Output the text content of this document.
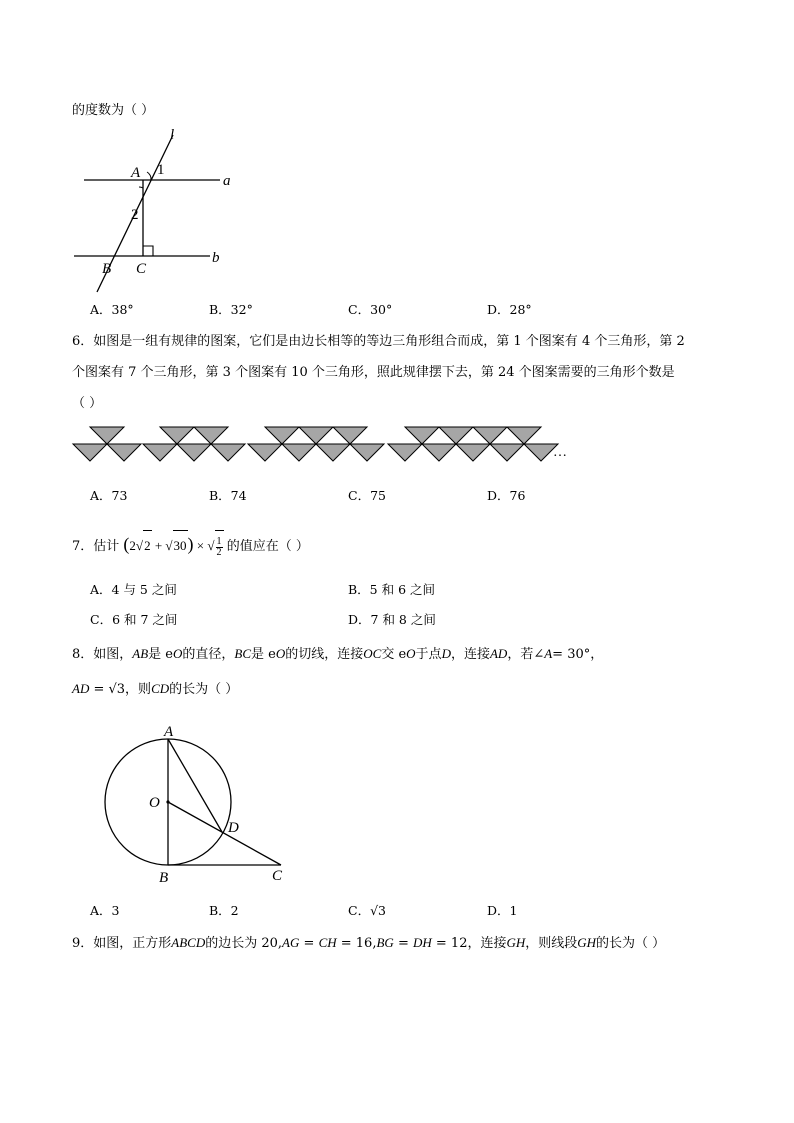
的度数为（ ）
l
a
b
A 1
2
B C
A．38°	B．32°	C．30°	D．28°
6．如图是一组有规律的图案，它们是由边长相等的等边三角形组合而成，第 1 个图案有 4 个三角形，第 2
个图案有 7 个三角形，第 3 个图案有 10 个三角形，照此规律摆下去，第 24 个图案需要的三角形个数是
（ ）
…
A．73	B．74	C．75	D．76
7．估计 (2√2 + √30) × √ $\frac{1}{2}$ 的值应在（ ）
A．4 与 5 之间	B．5 和 6 之间
C．6 和 7 之间	D．7 和 8 之间
8．如图，AB是 eO的直径，BC是 eO的切线，连接OC交 eO于点D，连接AD，若∠A= 30°，
AD = √3，则CD的长为（ ）
A
O
D
B	C
A．3	B．2	C．√3	D．1
9．如图，正方形ABCD的边长为 20,AG = CH = 16,BG = DH = 12，连接GH，则线段GH的长为（ ）
